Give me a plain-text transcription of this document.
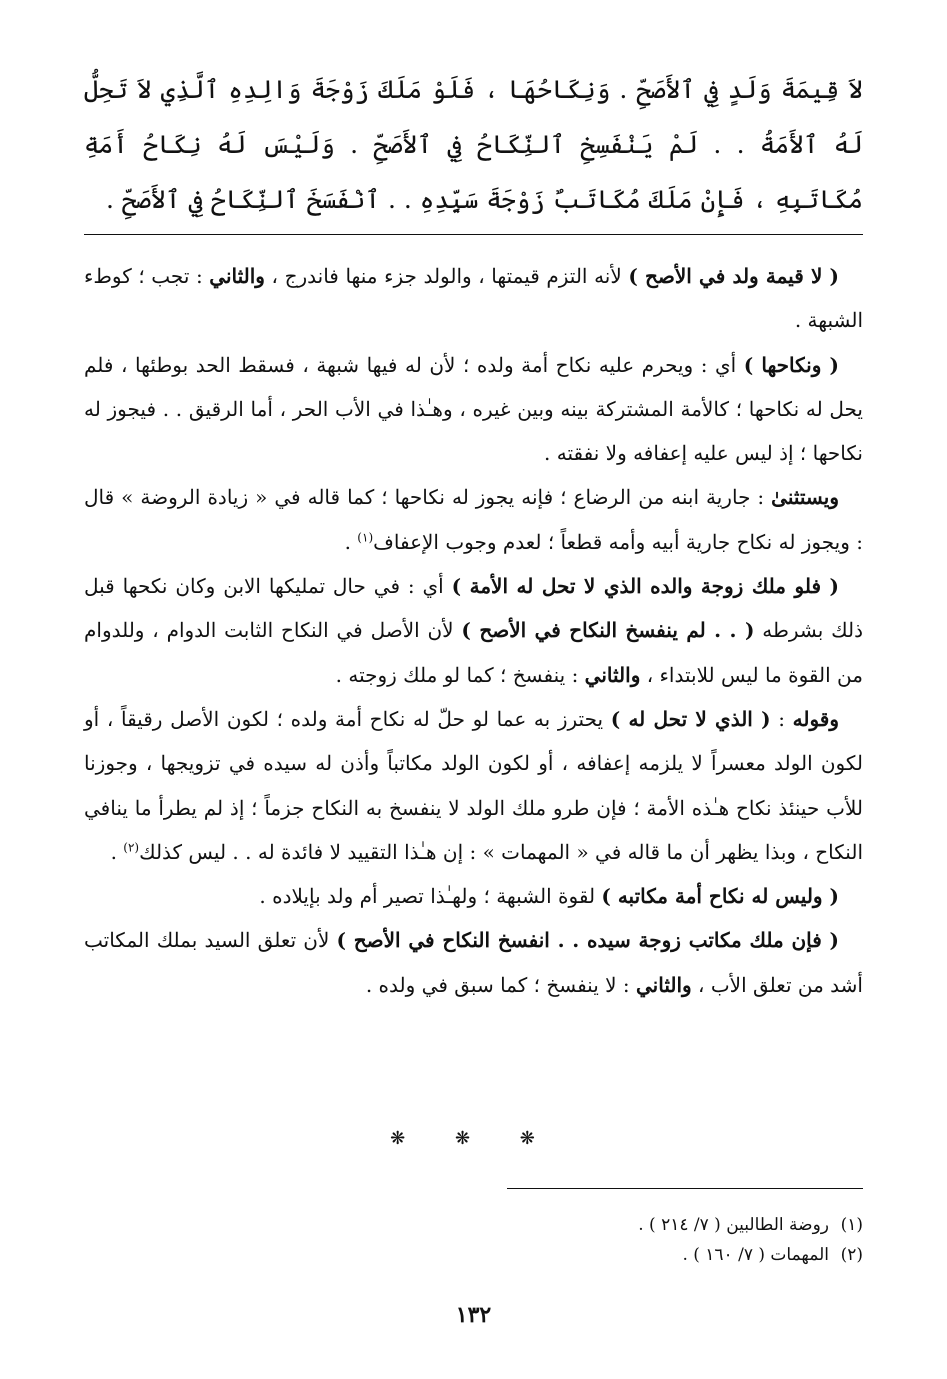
لاَ قِيمَةَ وَلَدٍ فِي ٱلأَصَحِّ . وَنِكَاحُهَا ، فَلَوْ مَلَكَ زَوْجَةَ وَالِدِهِ ٱلَّذِي لاَ تَحِلُّ لَهُ ٱلأَمَةُ . . لَمْ يَنْفَسِخِ ٱلنِّكَاحُ فِي ٱلأَصَحِّ . وَلَيْسَ لَهُ نِكَاحُ أَمَةِ مُكَاتَبِهِ ، فَإِنْ مَلَكَ مُكَاتَبٌ زَوْجَةَ سَيِّدِهِ . . ٱنْفَسَخَ ٱلنِّكَاحُ فِي ٱلأَصَحِّ .

( لا قيمة ولد في الأصح ) لأنه التزم قيمتها ، والولد جزء منها فاندرج ، والثاني : تجب ؛ كوطء الشبهة .

( ونكاحها ) أي : ويحرم عليه نكاح أمة ولده ؛ لأن له فيها شبهة ، فسقط الحد بوطئها ، فلم يحل له نكاحها ؛ كالأمة المشتركة بينه وبين غيره ، وهـٰذا في الأب الحر ، أما الرقيق . . فيجوز له نكاحها ؛ إذ ليس عليه إعفافه ولا نفقته .

ويستثنىٰ : جارية ابنه من الرضاع ؛ فإنه يجوز له نكاحها ؛ كما قاله في « زيادة الروضة » قال : ويجوز له نكاح جارية أبيه وأمه قطعاً ؛ لعدم وجوب الإعفاف$^{(١)}$ .

( فلو ملك زوجة والده الذي لا تحل له الأمة ) أي : في حال تمليكها الابن وكان نكحها قبل ذلك بشرطه ( . . لم ينفسخ النكاح في الأصح ) لأن الأصل في النكاح الثابت الدوام ، وللدوام من القوة ما ليس للابتداء ، والثاني : ينفسخ ؛ كما لو ملك زوجته .

وقوله : ( الذي لا تحل له ) يحترز به عما لو حلّ له نكاح أمة ولده ؛ لكون الأصل رقيقاً ، أو لكون الولد معسراً لا يلزمه إعفافه ، أو لكون الولد مكاتباً وأذن له سيده في تزويجها ، وجوزنا للأب حينئذ نكاح هـٰذه الأمة ؛ فإن طرو ملك الولد لا ينفسخ به النكاح جزماً ؛ إذ لم يطرأ ما ينافي النكاح ، وبذا يظهر أن ما قاله في « المهمات » : إن هـٰذا التقييد لا فائدة له . . ليس كذلك$^{(٢)}$ .

( وليس له نكاح أمة مكاتبه ) لقوة الشبهة ؛ ولهـٰذا تصير أم ولد بإيلاده .

( فإن ملك مكاتب زوجة سيده . . انفسخ النكاح في الأصح ) لأن تعلق السيد بملك المكاتب أشد من تعلق الأب ، والثاني : لا ينفسخ ؛ كما سبق في ولده .

❋ ❋ ❋
(١)روضة الطالبين ( ٧/ ٢١٤ ) .
(٢)المهمات ( ٧/ ١٦٠ ) .
١٣٢
